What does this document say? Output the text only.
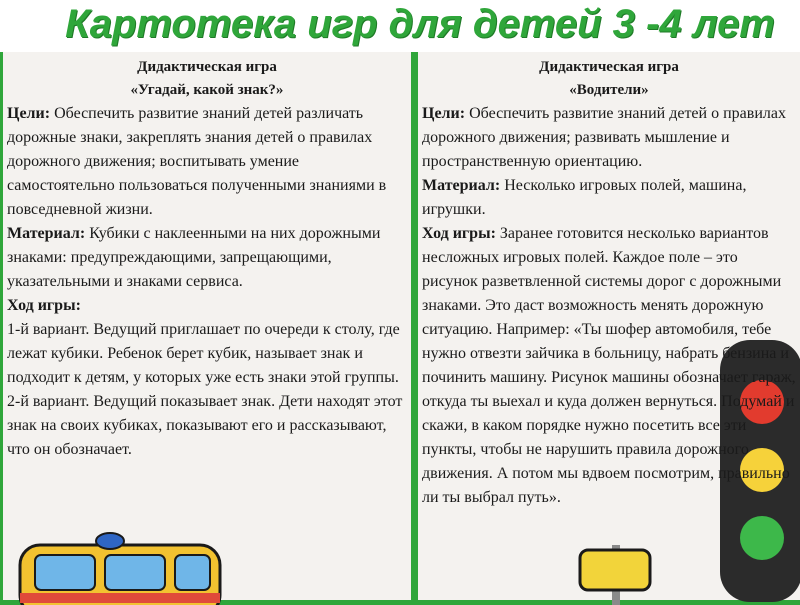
Дидактическая игра

«Угадай, какой знак?»

Цели: Обеспечить развитие знаний детей различать дорожные знаки, закреплять знания детей о правилах дорожного движения; воспитывать умение самостоятельно пользоваться полученными знаниями в повседневной жизни.

Материал: Кубики с наклеенными на них дорожными знаками: предупреждающими, запрещающими, указательными и знаками сервиса.

Ход игры:

1-й вариант. Ведущий приглашает по очереди к столу, где лежат кубики. Ребенок берет кубик, называет знак и подходит к детям, у которых уже есть знаки этой группы.

2-й вариант. Ведущий показывает знак. Дети находят этот знак на своих кубиках, показывают его и рассказывают, что он обозначает.

Дидактическая игра

«Водители»

Цели: Обеспечить развитие знаний детей о правилах дорожного движения; развивать мышление и пространственную ориентацию.

Материал: Несколько игровых полей, машина, игрушки.

Ход игры: Заранее готовится несколько вариантов несложных игровых полей. Каждое поле – это рисунок разветвленной системы дорог с дорожными знаками. Это даст возможность менять дорожную ситуацию. Например: «Ты шофер автомобиля, тебе нужно отвезти зайчика в больницу, набрать бензина и починить машину. Рисунок машины обозначает гараж, откуда ты выехал и куда должен вернуться. Подумай и скажи, в каком порядке нужно посетить все эти пункты, чтобы не нарушить правила дорожного движения. А потом мы вдвоем посмотрим, правильно ли ты выбрал путь».

Картотека игр для детей 3 -4 лет
